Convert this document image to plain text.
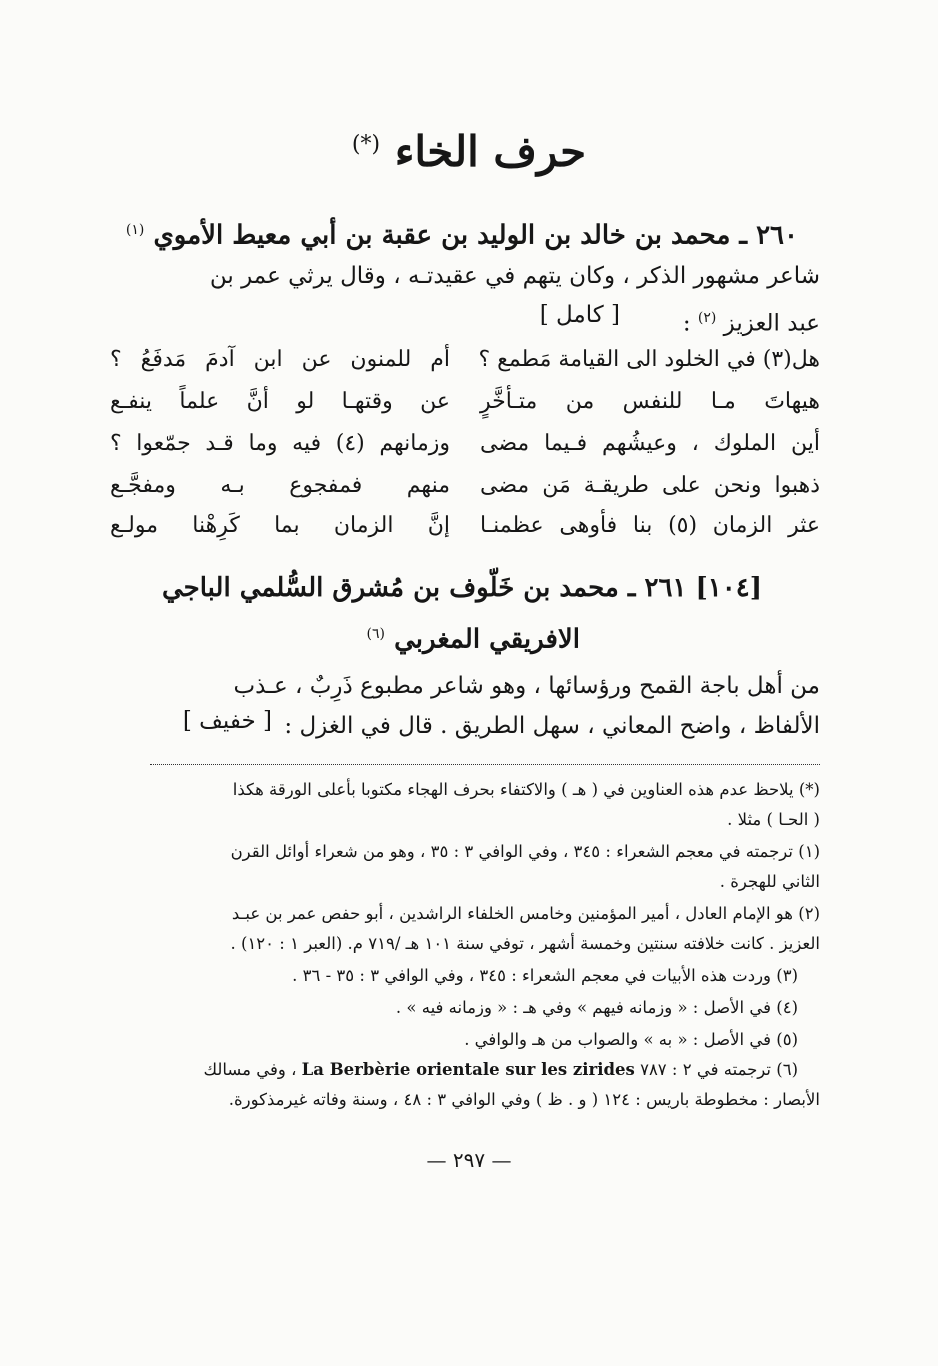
حرف الخاء (*)
٢٦٠ ـ محمد بن خالد بن الوليد بن عقبة بن أبي معيط الأموي $^{(١)}$
شاعر مشهور الذكر ، وكان يتهم في عقيدتـه ، وقال يرثي عمر بن
عبد العزيز $^{(٢)}$ :
[ كامل ]
هل(٣) في الخلود الى القيامة مَطمع ؟
أم للمنون عن ابن آدمَ مَدفَعُ ؟
هيهاتَ مـا للنفس من متـأخَّرٍ
عن وقتهـا لو أنَّ علماً ينفـع
أين الملوك ، وعيشُهم فـيما مضى
وزمانهم (٤) فيه وما قـد جمّعوا ؟
ذهبوا ونحن على طريقـة مَن مضى
منهم فمفجوع بـه ومفجَّـع
عثر الزمان (٥) بنا فأوهى عظمنـا
إنَّ الزمان بما كَرِهْنا مولـع
[١٠٤] ٢٦١ ـ محمد بن خَلّوف بن مُشرق السُّلمي الباجي
الافريقي المغربي $^{(٦)}$
من أهل باجة القمح ورؤسائها ، وهو شاعر مطبوع ذَرِبٌ ، عـذب
الألفاظ ، واضح المعاني ، سهل الطريق . قال في الغزل :
[ خفيف ]
(*) يلاحظ عدم هذه العناوين في ( هـ ) والاكتفاء بحرف الهجاء مكتوبا بأعلى الورقة هكذا
( الحـا ) مثلا .
(١) ترجمته في معجم الشعراء : ٣٤٥ ، وفي الوافي ٣ : ٣٥ ، وهو من شعراء أوائل القرن
الثاني للهجرة .
(٢) هو الإمام العادل ، أمير المؤمنين وخامس الخلفاء الراشدين ، أبو حفص عمر بن عبـد
العزيز . كانت خلافته سنتين وخمسة أشهر ، توفي سنة ١٠١ هـ /٧١٩ م. (العبر ١ : ١٢٠) .
(٣) وردت هذه الأبيات في معجم الشعراء : ٣٤٥ ، وفي الوافي ٣ : ٣٥ - ٣٦ .
(٤) في الأصل : « وزمانه فيهم » وفي هـ : « وزمانه فيه » .
(٥) في الأصل : « به » والصواب من هـ والوافي .
(٦) ترجمته في ٢ : ٧٨٧ La Berbèrie orientale sur les zirides ، وفي مسالك
الأبصار : مخطوطة باريس : ١٢٤ ( و . ظ ) وفي الوافي ٣ : ٤٨ ، وسنة وفاته غيرمذكورة.
— ٢٩٧ —
